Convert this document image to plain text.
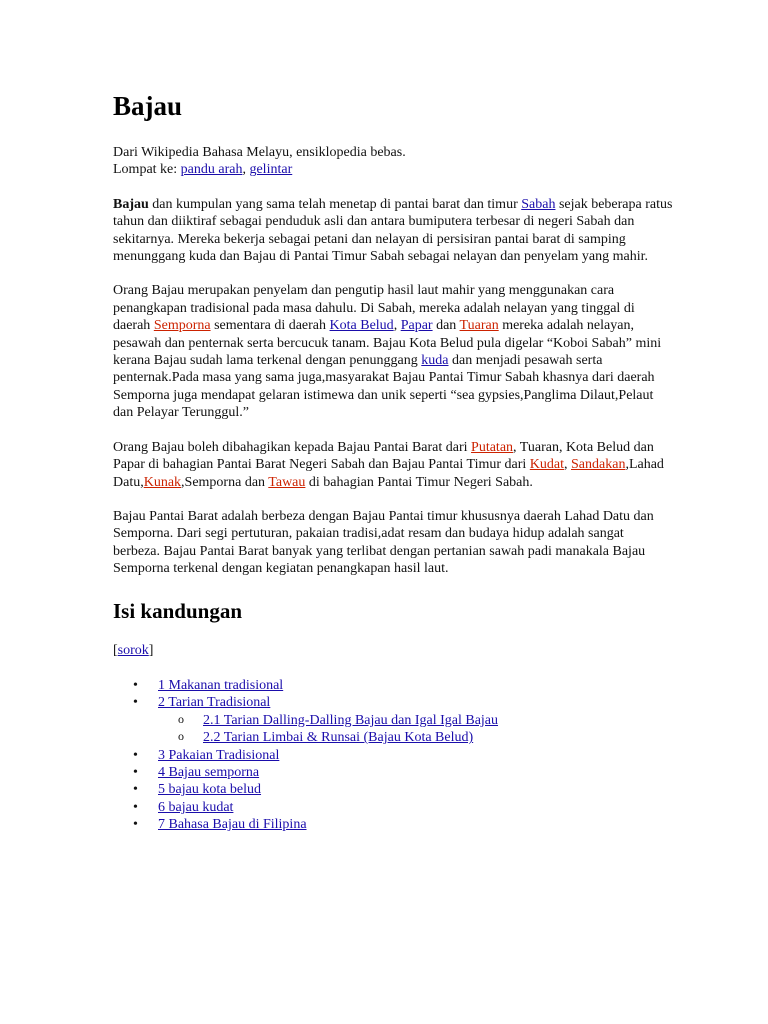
Bajau

Dari Wikipedia Bahasa Melayu, ensiklopedia bebas.

Lompat ke: pandu arah, gelintar

Bajau dan kumpulan yang sama telah menetap di pantai barat dan timur Sabah sejak beberapa ratus tahun dan diiktiraf sebagai penduduk asli dan antara bumiputera terbesar di negeri Sabah dan sekitarnya. Mereka bekerja sebagai petani dan nelayan di persisiran pantai barat di samping menunggang kuda dan Bajau di Pantai Timur Sabah sebagai nelayan dan penyelam yang mahir.

Orang Bajau merupakan penyelam dan pengutip hasil laut mahir yang menggunakan cara penangkapan tradisional pada masa dahulu. Di Sabah, mereka adalah nelayan yang tinggal di daerah Semporna sementara di daerah Kota Belud, Papar dan Tuaran mereka adalah nelayan, pesawah dan penternak serta bercucuk tanam. Bajau Kota Belud pula digelar “Koboi Sabah” mini kerana Bajau sudah lama terkenal dengan penunggang kuda dan menjadi pesawah serta penternak.Pada masa yang sama juga,masyarakat Bajau Pantai Timur Sabah khasnya dari daerah Semporna juga mendapat gelaran istimewa dan unik seperti “sea gypsies,Panglima Dilaut,Pelaut dan Pelayar Terunggul.”

Orang Bajau boleh dibahagikan kepada Bajau Pantai Barat dari Putatan, Tuaran, Kota Belud dan Papar di bahagian Pantai Barat Negeri Sabah dan Bajau Pantai Timur dari Kudat, Sandakan,Lahad Datu,Kunak,Semporna dan Tawau di bahagian Pantai Timur Negeri Sabah.

Bajau Pantai Barat adalah berbeza dengan Bajau Pantai timur khususnya daerah Lahad Datu dan Semporna. Dari segi pertuturan, pakaian tradisi,adat resam dan budaya hidup adalah sangat berbeza. Bajau Pantai Barat banyak yang terlibat dengan pertanian sawah padi manakala Bajau Semporna terkenal dengan kegiatan penangkapan hasil laut.

Isi kandungan
[sorok]
• 1 Makanan tradisional
• 2 Tarian Tradisional
o 2.1 Tarian Dalling-Dalling Bajau dan Igal Igal Bajau
o 2.2 Tarian Limbai & Runsai (Bajau Kota Belud)
• 3 Pakaian Tradisional
• 4 Bajau semporna
• 5 bajau kota belud
• 6 bajau kudat
• 7 Bahasa Bajau di Filipina
